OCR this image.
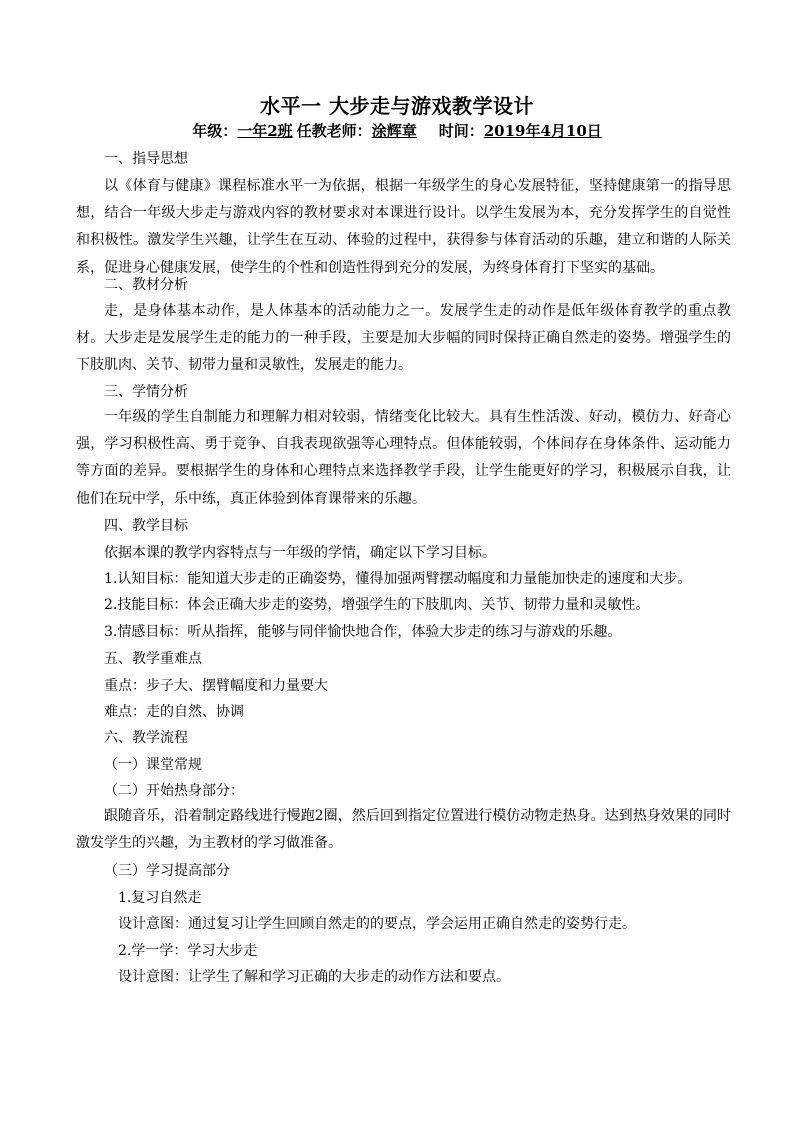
水平一 大步走与游戏教学设计
年级：一年2班 任教老师：涂辉章 时间：2019年4月10日
一、指导思想
以《体育与健康》课程标准水平一为依据，根据一年级学生的身心发展特征，坚持健康第一的指导思想，结合一年级大步走与游戏内容的教材要求对本课进行设计。以学生发展为本，充分发挥学生的自觉性和积极性。激发学生兴趣，让学生在互动、体验的过程中，获得参与体育活动的乐趣，建立和谐的人际关系，促进身心健康发展，使学生的个性和创造性得到充分的发展，为终身体育打下坚实的基础。
二、教材分析
走，是身体基本动作，是人体基本的活动能力之一。发展学生走的动作是低年级体育教学的重点教材。大步走是发展学生走的能力的一种手段，主要是加大步幅的同时保持正确自然走的姿势。增强学生的下肢肌肉、关节、韧带力量和灵敏性，发展走的能力。
三、学情分析
一年级的学生自制能力和理解力相对较弱，情绪变化比较大。具有生性活泼、好动，模仿力、好奇心强，学习积极性高、勇于竞争、自我表现欲强等心理特点。但体能较弱，个体间存在身体条件、运动能力等方面的差异。要根据学生的身体和心理特点来选择教学手段，让学生能更好的学习，积极展示自我，让他们在玩中学，乐中练，真正体验到体育课带来的乐趣。
四、教学目标
依据本课的教学内容特点与一年级的学情，确定以下学习目标。
1.认知目标：能知道大步走的正确姿势，懂得加强两臂摆动幅度和力量能加快走的速度和大步。
2.技能目标：体会正确大步走的姿势，增强学生的下肢肌肉、关节、韧带力量和灵敏性。
3.情感目标：听从指挥，能够与同伴愉快地合作，体验大步走的练习与游戏的乐趣。
五、教学重难点
重点：步子大、摆臂幅度和力量要大
难点：走的自然、协调
六、教学流程
（一）课堂常规
（二）开始热身部分：
跟随音乐，沿着制定路线进行慢跑2圈，然后回到指定位置进行模仿动物走热身。达到热身效果的同时激发学生的兴趣，为主教材的学习做准备。
（三）学习提高部分
1.复习自然走
设计意图：通过复习让学生回顾自然走的的要点，学会运用正确自然走的姿势行走。
2.学一学：学习大步走
设计意图：让学生了解和学习正确的大步走的动作方法和要点。
